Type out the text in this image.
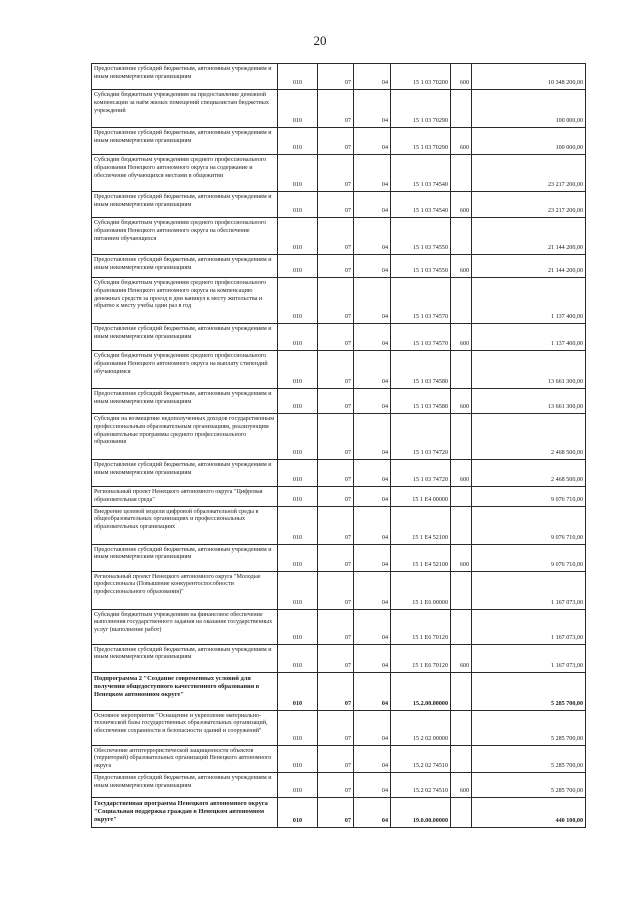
20
Предоставление субсидий бюджетным, автономным учреждениям и иным некоммерческим организациям	010	07	04	15 1 03 70200	600	10 348 200,00
Субсидии бюджетным учреждениям на предоставление денежной компенсации за наём жилых помещений специалистам бюджетных учреждений	010	07	04	15 1 03 70290		100 000,00
Предоставление субсидий бюджетным, автономным учреждениям и иным некоммерческим организациям	010	07	04	15 1 03 70290	600	100 000,00
Субсидии бюджетным учреждениям среднего профессионального образования Ненецкого автономного округа на содержание и обеспечение обучающихся местами в общежитии	010	07	04	15 1 03 74540		23 217 200,00
Предоставление субсидий бюджетным, автономным учреждениям и иным некоммерческим организациям	010	07	04	15 1 03 74540	600	23 217 200,00
Субсидии бюджетным учреждениям среднего профессионального образования Ненецкого автономного округа на обеспечение питанием обучающихся	010	07	04	15 1 03 74550		21 144 200,00
Предоставление субсидий бюджетным, автономным учреждениям и иным некоммерческим организациям	010	07	04	15 1 03 74550	600	21 144 200,00
Субсидии бюджетным учреждениям среднего профессионального образования Ненецкого автономного округа на компенсацию денежных средств за проезд в дни каникул к месту жительства и обратно к месту учебы один раз в год	010	07	04	15 1 03 74570		1 137 400,00
Предоставление субсидий бюджетным, автономным учреждениям и иным некоммерческим организациям	010	07	04	15 1 03 74570	600	1 137 400,00
Субсидии бюджетным учреждениям среднего профессионального образования Ненецкого автономного округа на выплату стипендий обучающимся	010	07	04	15 1 03 74580		13 661 300,00
Предоставление субсидий бюджетным, автономным учреждениям и иным некоммерческим организациям	010	07	04	15 1 03 74580	600	13 661 300,00
Субсидии на возмещение недополученных доходов государственным профессиональным образовательным организациям, реализующим образовательные программы среднего профессионального образования	010	07	04	15 1 03 74720		2 468 500,00
Предоставление субсидий бюджетным, автономным учреждениям и иным некоммерческим организациям	010	07	04	15 1 03 74720	600	2 468 500,00
Региональный проект Ненецкого автономного округа "Цифровая образовательная среда"	010	07	04	15 1 Е4 00000		9 076 710,00
Внедрение целевой модели цифровой образовательной среды в общеобразовательных организациях и профессиональных образовательных организациях	010	07	04	15 1 Е4 52100		9 076 710,00
Предоставление субсидий бюджетным, автономным учреждениям и иным некоммерческим организациям	010	07	04	15 1 Е4 52100	600	9 076 710,00
Региональный проект Ненецкого автономного округа "Молодые профессионалы (Повышение конкурентоспособности профессионального образования)"	010	07	04	15 1 Е6 00000		1 167 073,00
Субсидии бюджетным учреждениям на финансовое обеспечение выполнения государственного задания на оказание государственных услуг (выполнение работ)	010	07	04	15 1 Е6 70120		1 167 073,00
Предоставление субсидий бюджетным, автономным учреждениям и иным некоммерческим организациям	010	07	04	15 1 Е6 70120	600	1 167 073,00
Подпрограмма 2 "Создание современных условий для получения общедоступного качественного образования в Ненецком автономном округе"	010	07	04	15.2.00.00000		5 285 700,00
Основное мероприятие "Оснащение и укрепление материально-технической базы государственных образовательных организаций, обеспечение сохранности и безопасности зданий и сооружений"	010	07	04	15 2 02 00000		5 285 700,00
Обеспечение антитеррористической защищенности объектов (территорий) образовательных организаций Ненецкого автономного округа	010	07	04	15.2 02 74510		5 285 700,00
Предоставление субсидий бюджетным, автономным учреждениям и иным некоммерческим организациям	010	07	04	15.2 02 74510	600	5 285 700,00
Государственная программа Ненецкого автономного округа "Социальная поддержка граждан в Ненецком автономном округе"	010	07	04	19.0.00.00000		440 100,00
